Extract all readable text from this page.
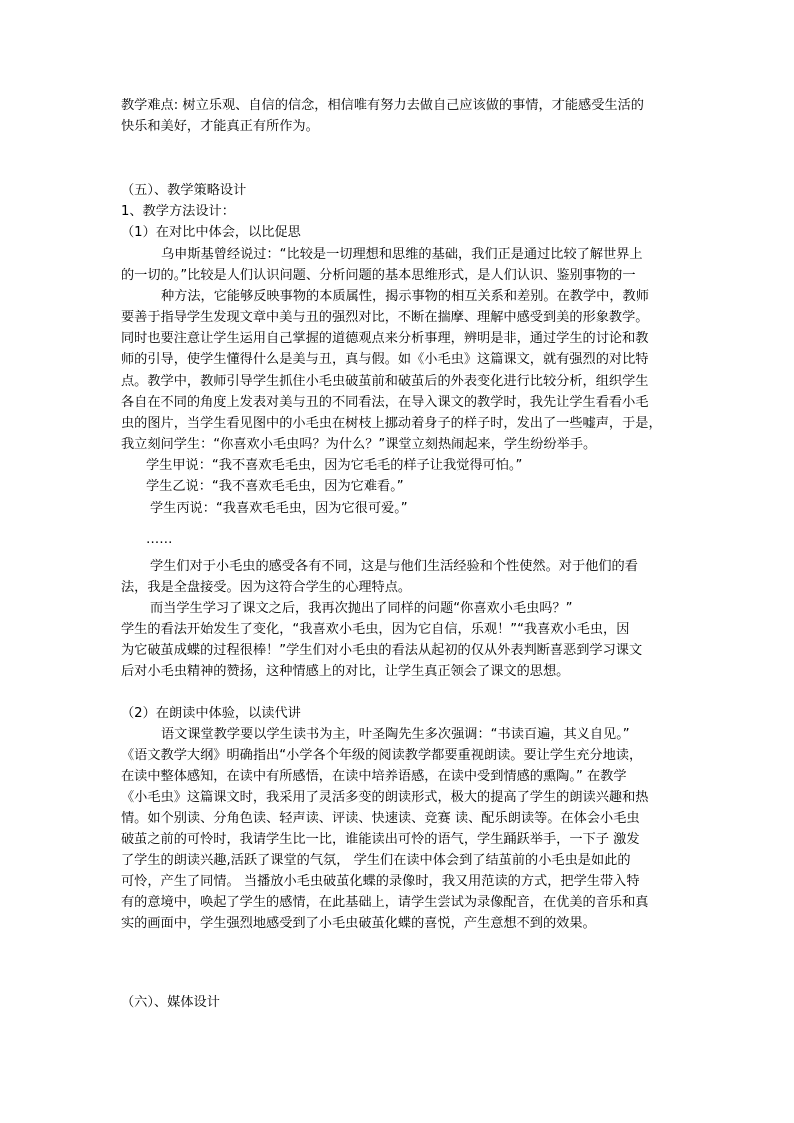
教学难点: 树立乐观、自信的信念，相信唯有努力去做自己应该做的事情，才能感受生活的
快乐和美好，才能真正有所作为。
（五）、教学策略设计
1、教学方法设计：
（1）在对比中体会，以比促思
乌申斯基曾经说过：“比较是一切理想和思维的基础，我们正是通过比较了解世界上
的一切的。”比较是人们认识问题、分析问题的基本思维形式，是人们认识、鉴别事物的一
种方法，它能够反映事物的本质属性，揭示事物的相互关系和差别。在教学中，教师
要善于指导学生发现文章中美与丑的强烈对比，不断在揣摩、理解中感受到美的形象教学。
同时也要注意让学生运用自己掌握的道德观点来分析事理，辨明是非，通过学生的讨论和教
师的引导，使学生懂得什么是美与丑，真与假。如《小毛虫》这篇课文，就有强烈的对比特
点。教学中，教师引导学生抓住小毛虫破茧前和破茧后的外表变化进行比较分析，组织学生
各自在不同的角度上发表对美与丑的不同看法，在导入课文的教学时，我先让学生看看小毛
虫的图片，当学生看见图中的小毛虫在树枝上挪动着身子的样子时，发出了一些嘘声，于是，
我立刻问学生：“你喜欢小毛虫吗？为什么？”课堂立刻热闹起来，学生纷纷举手。
学生甲说：“我不喜欢毛毛虫，因为它毛毛的样子让我觉得可怕。”
学生乙说：“我不喜欢毛毛虫，因为它难看。”
学生丙说：“我喜欢毛毛虫，因为它很可爱。”
……
学生们对于小毛虫的感受各有不同，这是与他们生活经验和个性使然。对于他们的看
法，我是全盘接受。因为这符合学生的心理特点。
而当学生学习了课文之后，我再次抛出了同样的问题“你喜欢小毛虫吗？”
学生的看法开始发生了变化，“我喜欢小毛虫，因为它自信，乐观！”“我喜欢小毛虫，因
为它破茧成蝶的过程很棒！”学生们对小毛虫的看法从起初的仅从外表判断喜恶到学习课文
后对小毛虫精神的赞扬，这种情感上的对比，让学生真正领会了课文的思想。
（2）在朗读中体验，以读代讲
语文课堂教学要以学生读书为主，叶圣陶先生多次强调：“书读百遍，其义自见。”
《语文教学大纲》明确指出“小学各个年级的阅读教学都要重视朗读。要让学生充分地读，
在读中整体感知，在读中有所感悟，在读中培养语感，在读中受到情感的熏陶。” 在教学
《小毛虫》这篇课文时，我采用了灵活多变的朗读形式，极大的提高了学生的朗读兴趣和热
情。如个别读、分角色读、轻声读、评读、快速读、竞赛 读、配乐朗读等。在体会小毛虫
破茧之前的可怜时，我请学生比一比，谁能读出可怜的语气，学生踊跃举手，一下子 激发
了学生的朗读兴趣,活跃了课堂的气氛， 学生们在读中体会到了结茧前的小毛虫是如此的
可怜，产生了同情。 当播放小毛虫破茧化蝶的录像时，我又用范读的方式，把学生带入特
有的意境中，唤起了学生的感情，在此基础上，请学生尝试为录像配音，在优美的音乐和真
实的画面中，学生强烈地感受到了小毛虫破茧化蝶的喜悦，产生意想不到的效果。
（六）、媒体设计
